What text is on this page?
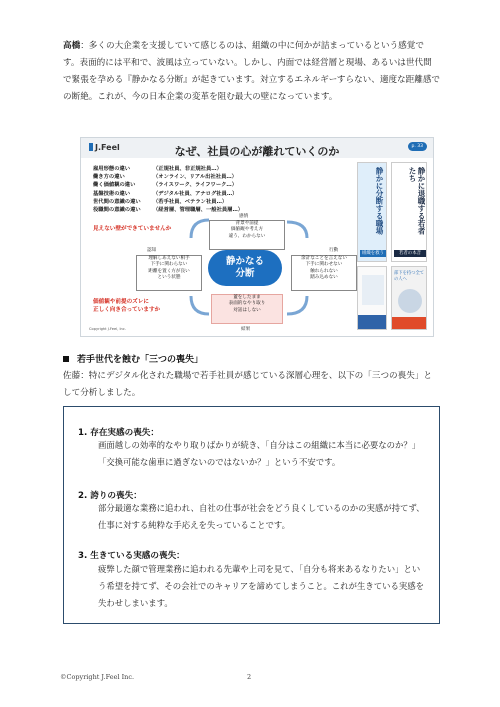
高橋：多くの大企業を支援していて感じるのは、組織の中に何かが詰まっているという感覚です。表面的には平和で、波風は立っていない。しかし、内面では経営層と現場、あるいは世代間で緊張を孕める『静かなる分断』が起きています。対立するエネルギーすらない、適度な距離感での断絶。これが、今の日本企業の変革を阻む最大の壁になっています。
J.Feel	なぜ、社員の心が離れていくのか	p. 33
雇用形態の違い	（正規社員、非正規社員…）
働き方の違い	（オンライン、リアル出社社員…）
働く価値観の違い	（ライスワーク、ライフワーク…）
基盤技術の違い	（デジタル社員、アナログ社員…）
世代間の意識の違い	（若手社員、ベテラン社員…）
役職間の意識の違い	（経営層、管理職層、一般社員層…）
見えない壁ができていませんか
価値観や前提のズレに
正しく向き合っていますか
感情
背景や前提
価値観や考え方
違う、わからない
認知
理解しあえない相手
下手に関わらない
距離を置く方が良い
という状態
静かなる
分断
行動
余計なことを言えない
下手に関わせない
触れられない
踏み込めない
蓋をしたまま
表面的なやり取り
対話はしない
結果
Copyright J.Feel, Inc.
静かに分断する職場
組織を救う
静かに退職する若者たち
若者の本音
部下を持つ全ての人へ
若手世代を蝕む「三つの喪失」
佐藤：特にデジタル化された職場で若手社員が感じている深層心理を、以下の「三つの喪失」として分析しました。
1. 存在実感の喪失：
画面越しの効率的なやり取りばかりが続き、「自分はこの組織に本当に必要なのか？」「交換可能な歯車に過ぎないのではないか？」という不安です。
2. 誇りの喪失：
部分最適な業務に追われ、自社の仕事が社会をどう良くしているのかの実感が持てず、仕事に対する純粋な手応えを失っていることです。
3. 生きている実感の喪失：
疲弊した顔で管理業務に追われる先輩や上司を見て、「自分も将来あるなりたい」という希望を持てず、その会社でのキャリアを諦めてしまうこと。これが生きている実感を失わせしまいます。
©Copyright J.Feel Inc.	2
